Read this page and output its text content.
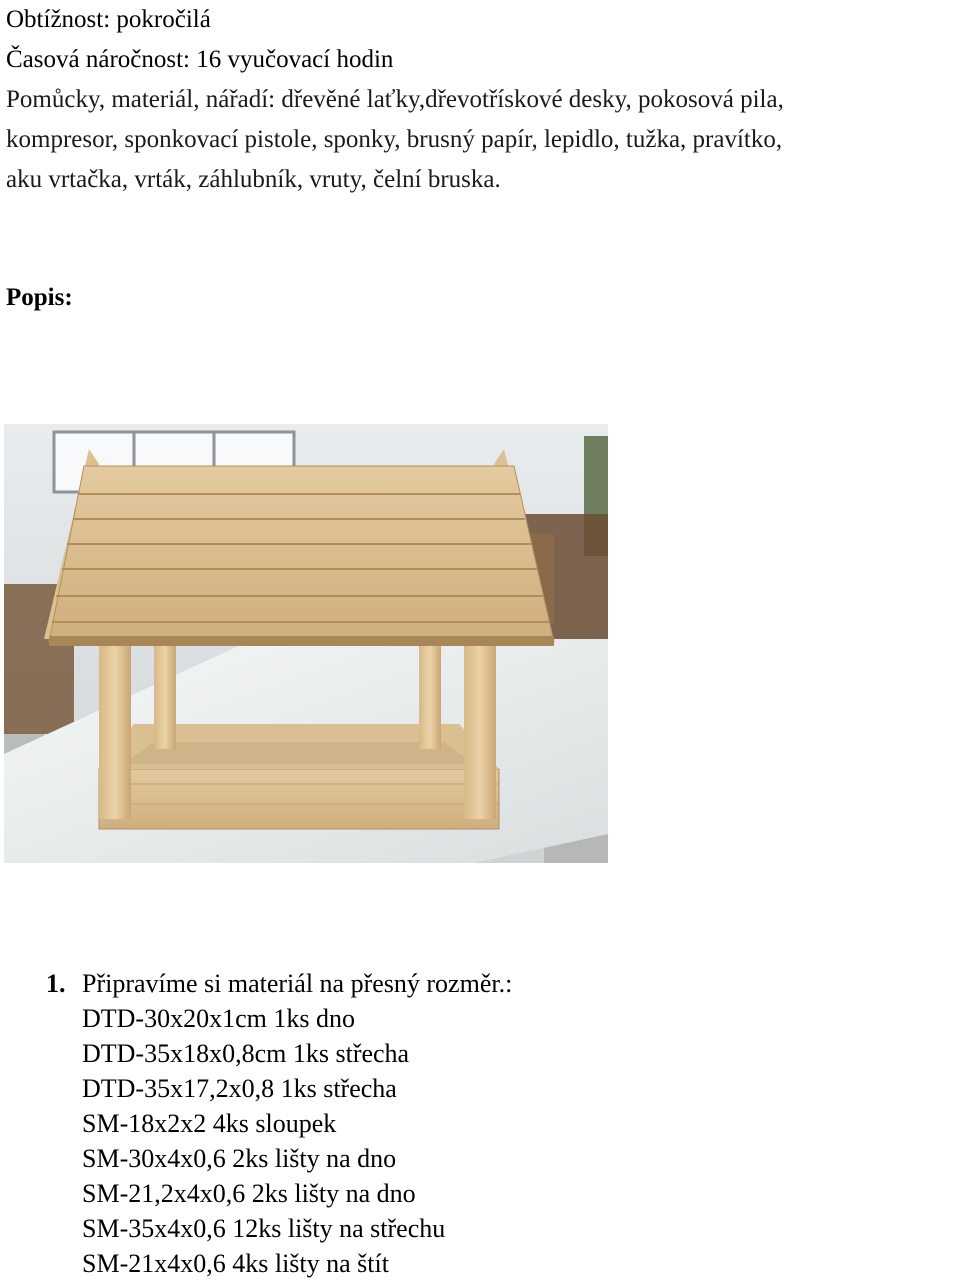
Obtížnost: pokročilá
Časová náročnost: 16 vyučovací hodin
Pomůcky, materiál, nářadí: dřevěné laťky,dřevotřískové desky, pokosová pila,
kompresor, sponkovací pistole, sponky, brusný papír, lepidlo, tužka, pravítko,
aku vrtačka, vrták, záhlubník, vruty, čelní bruska.
Popis:
1. Připravíme si materiál na přesný rozměr.:
DTD-30x20x1cm 1ks dno
DTD-35x18x0,8cm 1ks střecha
DTD-35x17,2x0,8 1ks střecha
SM-18x2x2 4ks sloupek
SM-30x4x0,6 2ks lišty na dno
SM-21,2x4x0,6 2ks lišty na dno
SM-35x4x0,6 12ks lišty na střechu
SM-21x4x0,6 4ks lišty na štít
